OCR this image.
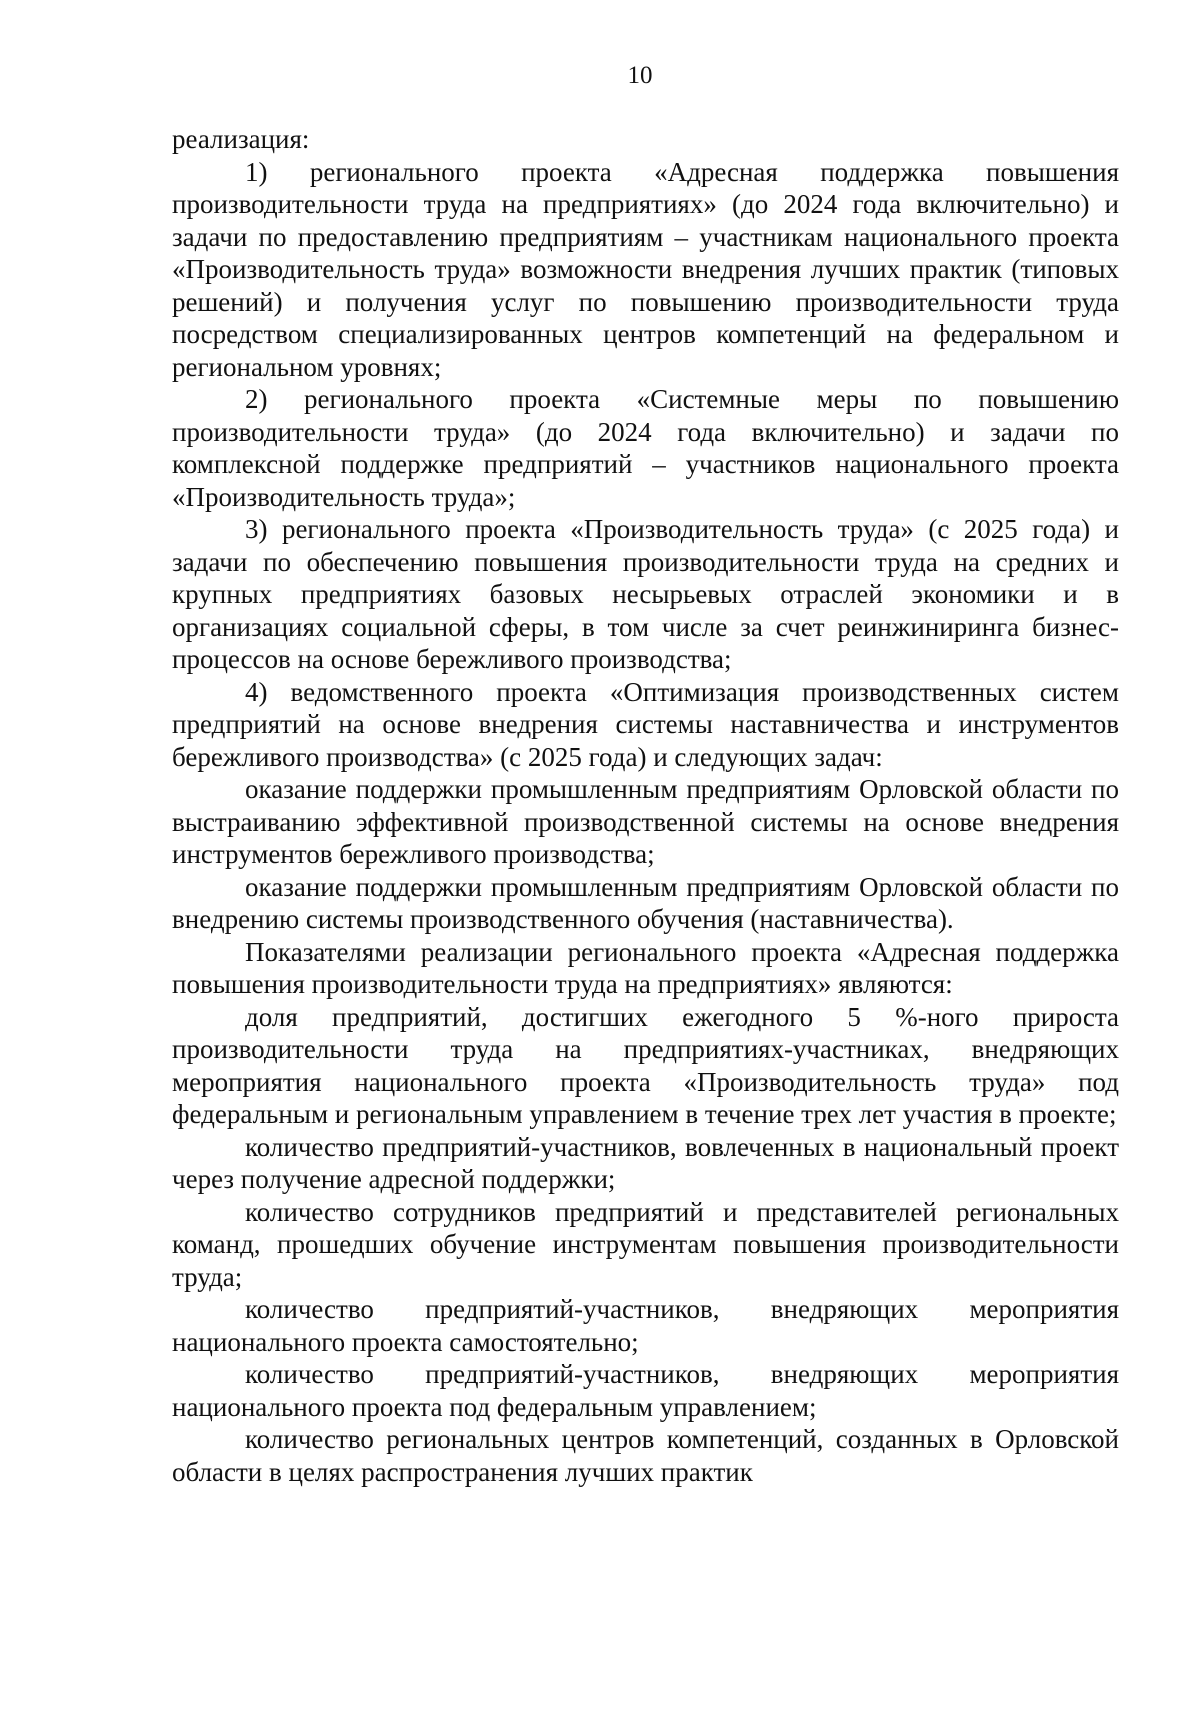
10

реализация:

1) регионального проекта «Адресная поддержка повышения производительности труда на предприятиях» (до 2024 года включительно) и задачи по предоставлению предприятиям – участникам национального проекта «Производительность труда» возможности внедрения лучших практик (типовых решений) и получения услуг по повышению производительности труда посредством специализированных центров компетенций на федеральном и региональном уровнях;

2) регионального проекта «Системные меры по повышению производительности труда» (до 2024 года включительно) и задачи по комплексной поддержке предприятий – участников национального проекта «Производительность труда»;

3) регионального проекта «Производительность труда» (с 2025 года) и задачи по обеспечению повышения производительности труда на средних и крупных предприятиях базовых несырьевых отраслей экономики и в организациях социальной сферы, в том числе за счет реинжиниринга бизнес-процессов на основе бережливого производства;

4) ведомственного проекта «Оптимизация производственных систем предприятий на основе внедрения системы наставничества и инструментов бережливого производства» (с 2025 года) и следующих задач:

оказание поддержки промышленным предприятиям Орловской области по выстраиванию эффективной производственной системы на основе внедрения инструментов бережливого производства;

оказание поддержки промышленным предприятиям Орловской области по внедрению системы производственного обучения (наставничества).

Показателями реализации регионального проекта «Адресная поддержка повышения производительности труда на предприятиях» являются:

доля предприятий, достигших ежегодного 5 %-ного прироста производительности труда на предприятиях-участниках, внедряющих мероприятия национального проекта «Производительность труда» под федеральным и региональным управлением в течение трех лет участия в проекте;

количество предприятий-участников, вовлеченных в национальный проект через получение адресной поддержки;

количество сотрудников предприятий и представителей региональных команд, прошедших обучение инструментам повышения производительности труда;

количество предприятий-участников, внедряющих мероприятия национального проекта самостоятельно;

количество предприятий-участников, внедряющих мероприятия национального проекта под федеральным управлением;

количество региональных центров компетенций, созданных в Орловской области в целях распространения лучших практик
